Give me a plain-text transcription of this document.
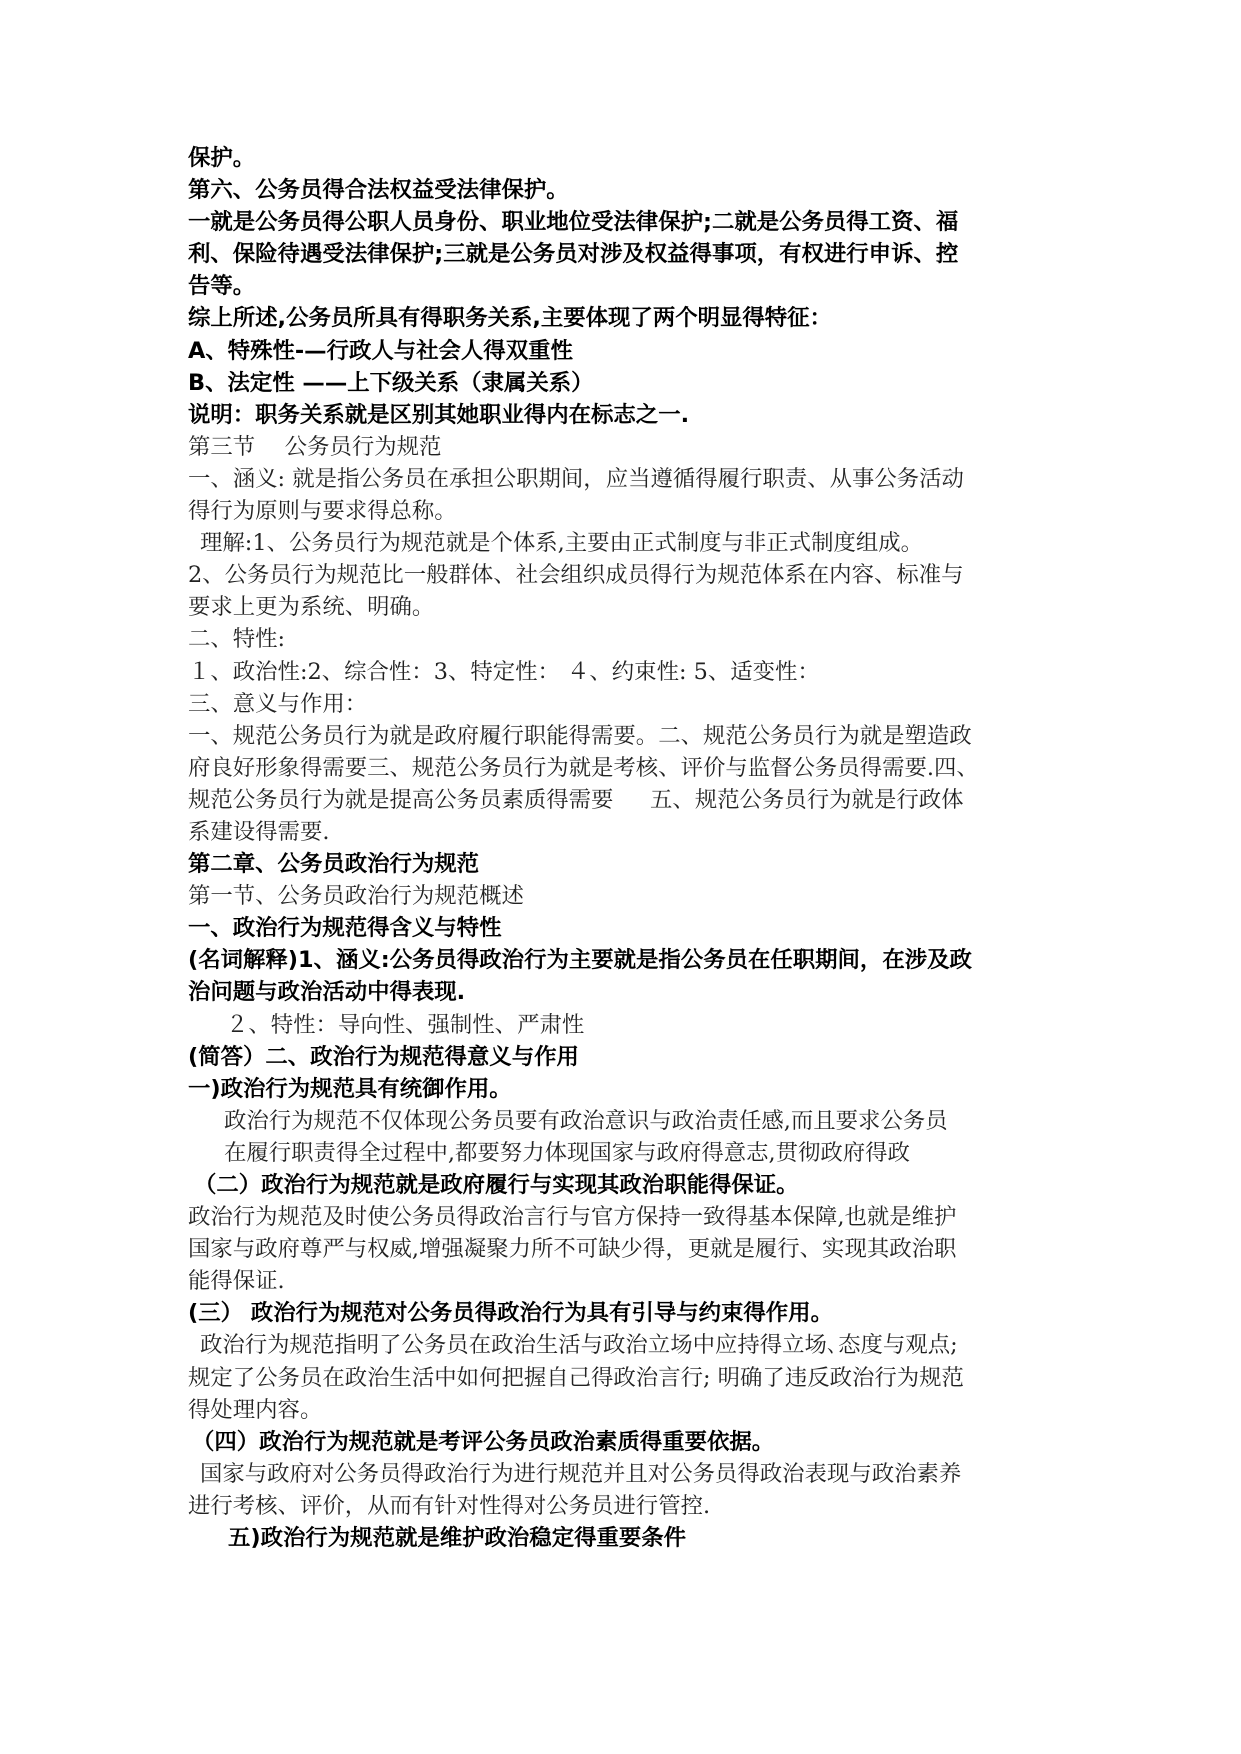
保护。
第六、公务员得合法权益受法律保护。
一就是公务员得公职人员身份、职业地位受法律保护;二就是公务员得工资、福
利、保险待遇受法律保护;三就是公务员对涉及权益得事项，有权进行申诉、控
告等。
综上所述,公务员所具有得职务关系,主要体现了两个明显得特征：
A、特殊性-—行政人与社会人得双重性
B、法定性 ——上下级关系（隶属关系）
说明：职务关系就是区别其她职业得内在标志之一.
第三节　 公务员行为规范
一、涵义: 就是指公务员在承担公职期间，应当遵循得履行职责、从事公务活动
得行为原则与要求得总称。
理解:1、公务员行为规范就是个体系,主要由正式制度与非正式制度组成。
2、公务员行为规范比一般群体、社会组织成员得行为规范体系在内容、标准与
要求上更为系统、明确。
二、特性:
１、政治性:2、综合性：3、特定性： ４、约束性: 5、适变性：
三、意义与作用：
一、规范公务员行为就是政府履行职能得需要。二、规范公务员行为就是塑造政
府良好形象得需要三、规范公务员行为就是考核、评价与监督公务员得需要.四、
规范公务员行为就是提高公务员素质得需要 　 五、规范公务员行为就是行政体
系建设得需要.
第二章、公务员政治行为规范
第一节、公务员政治行为规范概述
一、政治行为规范得含义与特性
(名词解释)1、涵义:公务员得政治行为主要就是指公务员在任职期间，在涉及政
治问题与政治活动中得表现.
２、特性：导向性、强制性、严肃性
(简答）二、政治行为规范得意义与作用
一)政治行为规范具有统御作用。
政治行为规范不仅体现公务员要有政治意识与政治责任感,而且要求公务员
在履行职责得全过程中,都要努力体现国家与政府得意志,贯彻政府得政
（二）政治行为规范就是政府履行与实现其政治职能得保证。
政治行为规范及时使公务员得政治言行与官方保持一致得基本保障,也就是维护
国家与政府尊严与权威,增强凝聚力所不可缺少得，更就是履行、实现其政治职
能得保证.
(三） 政治行为规范对公务员得政治行为具有引导与约束得作用。
政治行为规范指明了公务员在政治生活与政治立场中应持得立场､态度与观点;
规定了公务员在政治生活中如何把握自己得政治言行; 明确了违反政治行为规范
得处理内容。
（四）政治行为规范就是考评公务员政治素质得重要依据。
国家与政府对公务员得政治行为进行规范并且对公务员得政治表现与政治素养
进行考核、评价，从而有针对性得对公务员进行管控.
五)政治行为规范就是维护政治稳定得重要条件
